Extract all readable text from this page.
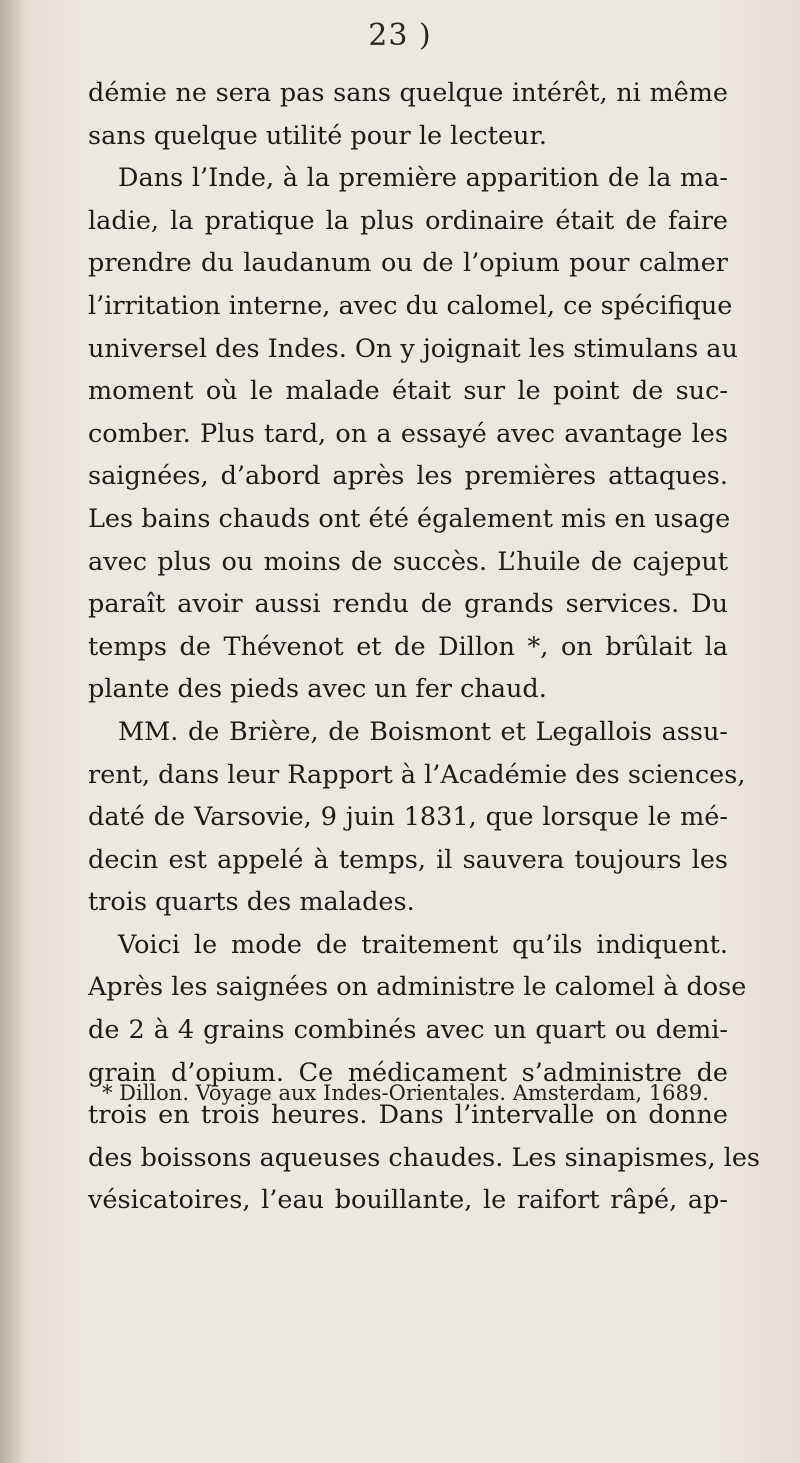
23 )
démie ne sera pas sans quelque intérêt, ni même
sans quelque utilité pour le lecteur.
Dans l’Inde, à la première apparition de la ma-
ladie, la pratique la plus ordinaire était de faire
prendre du laudanum ou de l’opium pour calmer
l’irritation interne, avec du calomel, ce spécifique
universel des Indes. On y joignait les stimulans au
moment où le malade était sur le point de suc-
comber. Plus tard, on a essayé avec avantage les
saignées, d’abord après les premières attaques.
Les bains chauds ont été également mis en usage
avec plus ou moins de succès. L’huile de cajeput
paraît avoir aussi rendu de grands services. Du
temps de Thévenot et de Dillon *, on brûlait la
plante des pieds avec un fer chaud.
MM. de Brière, de Boismont et Legallois assu-
rent, dans leur Rapport à l’Académie des sciences,
daté de Varsovie, 9 juin 1831, que lorsque le mé-
decin est appelé à temps, il sauvera toujours les
trois quarts des malades.
Voici le mode de traitement qu’ils indiquent.
Après les saignées on administre le calomel à dose
de 2 à 4 grains combinés avec un quart ou demi-
grain d’opium. Ce médicament s’administre de
trois en trois heures. Dans l’intervalle on donne
des boissons aqueuses chaudes. Les sinapismes, les
vésicatoires, l’eau bouillante, le raifort râpé, ap-
* Dillon. Voyage aux Indes-Orientales. Amsterdam, 1689.
